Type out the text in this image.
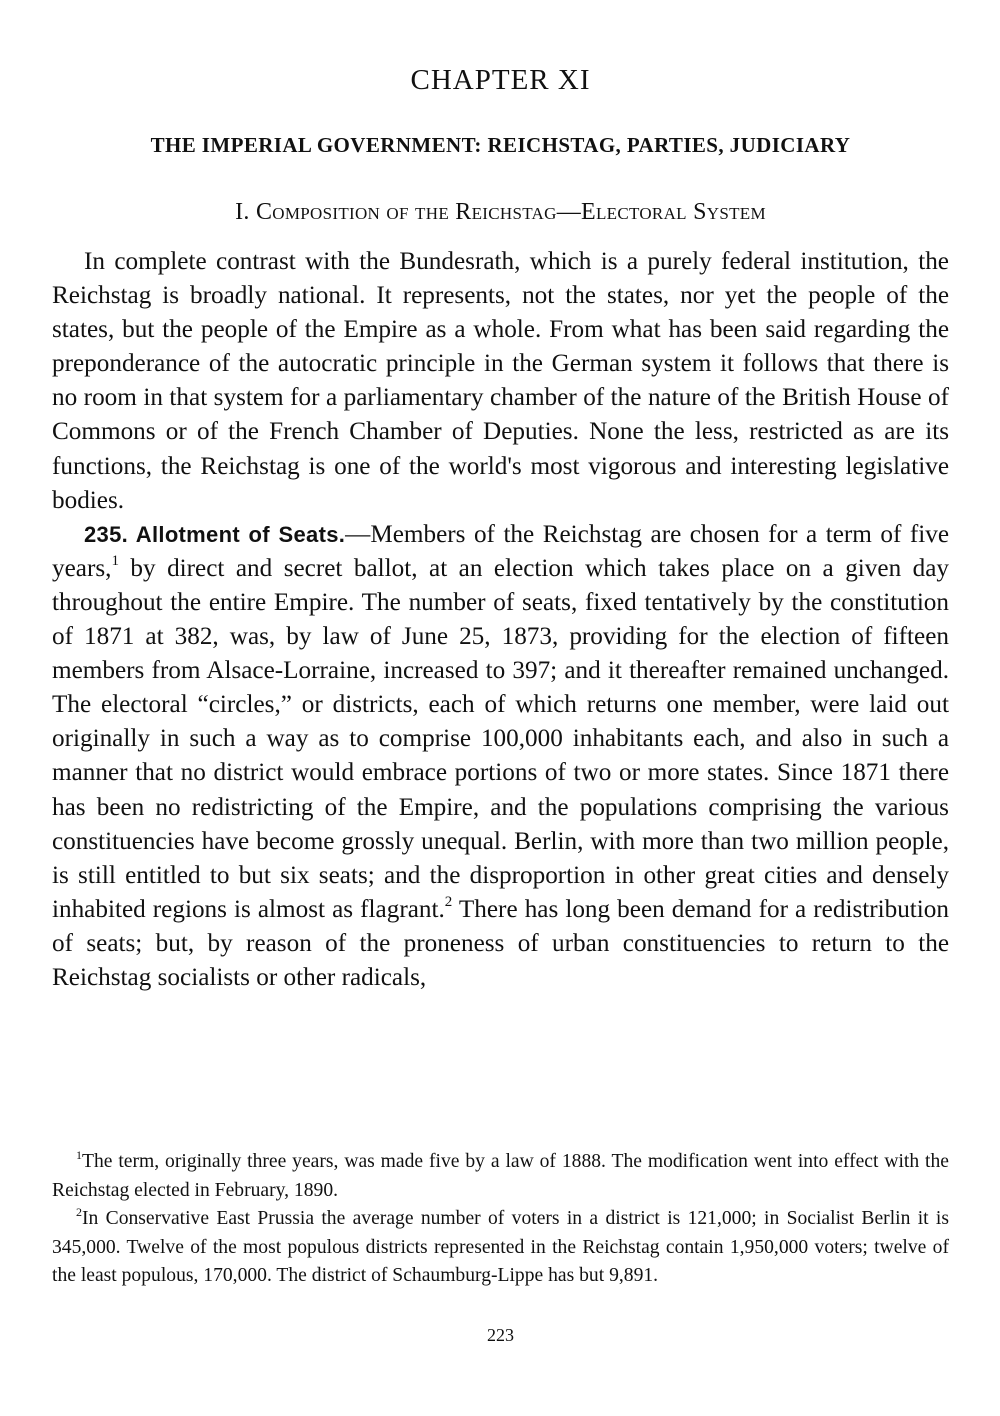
CHAPTER XI
THE IMPERIAL GOVERNMENT: REICHSTAG, PARTIES, JUDICIARY
I. Composition of the Reichstag—Electoral System

In complete contrast with the Bundesrath, which is a purely federal institution, the Reichstag is broadly national. It represents, not the states, nor yet the people of the states, but the people of the Empire as a whole. From what has been said regarding the preponderance of the autocratic principle in the German system it follows that there is no room in that system for a parliamentary chamber of the nature of the British House of Commons or of the French Chamber of Deputies. None the less, restricted as are its functions, the Reichstag is one of the world's most vigorous and interesting legislative bodies.

235. Allotment of Seats.—Members of the Reichstag are chosen for a term of five years,$^1$ by direct and secret ballot, at an election which takes place on a given day throughout the entire Empire. The number of seats, fixed tentatively by the constitution of 1871 at 382, was, by law of June 25, 1873, providing for the election of fifteen members from Alsace-Lorraine, increased to 397; and it thereafter remained unchanged. The electoral “circles,” or districts, each of which returns one member, were laid out originally in such a way as to comprise 100,000 inhabitants each, and also in such a manner that no district would embrace portions of two or more states. Since 1871 there has been no redistricting of the Empire, and the populations comprising the various constituencies have become grossly unequal. Berlin, with more than two million people, is still entitled to but six seats; and the disproportion in other great cities and densely inhabited regions is almost as flagrant.$^2$ There has long been demand for a redistribution of seats; but, by reason of the proneness of urban constituencies to return to the Reichstag socialists or other radicals,

$^1$The term, originally three years, was made five by a law of 1888. The modification went into effect with the Reichstag elected in February, 1890.

$^2$In Conservative East Prussia the average number of voters in a district is 121,000; in Socialist Berlin it is 345,000. Twelve of the most populous districts represented in the Reichstag contain 1,950,000 voters; twelve of the least populous, 170,000. The district of Schaumburg-Lippe has but 9,891.

223
